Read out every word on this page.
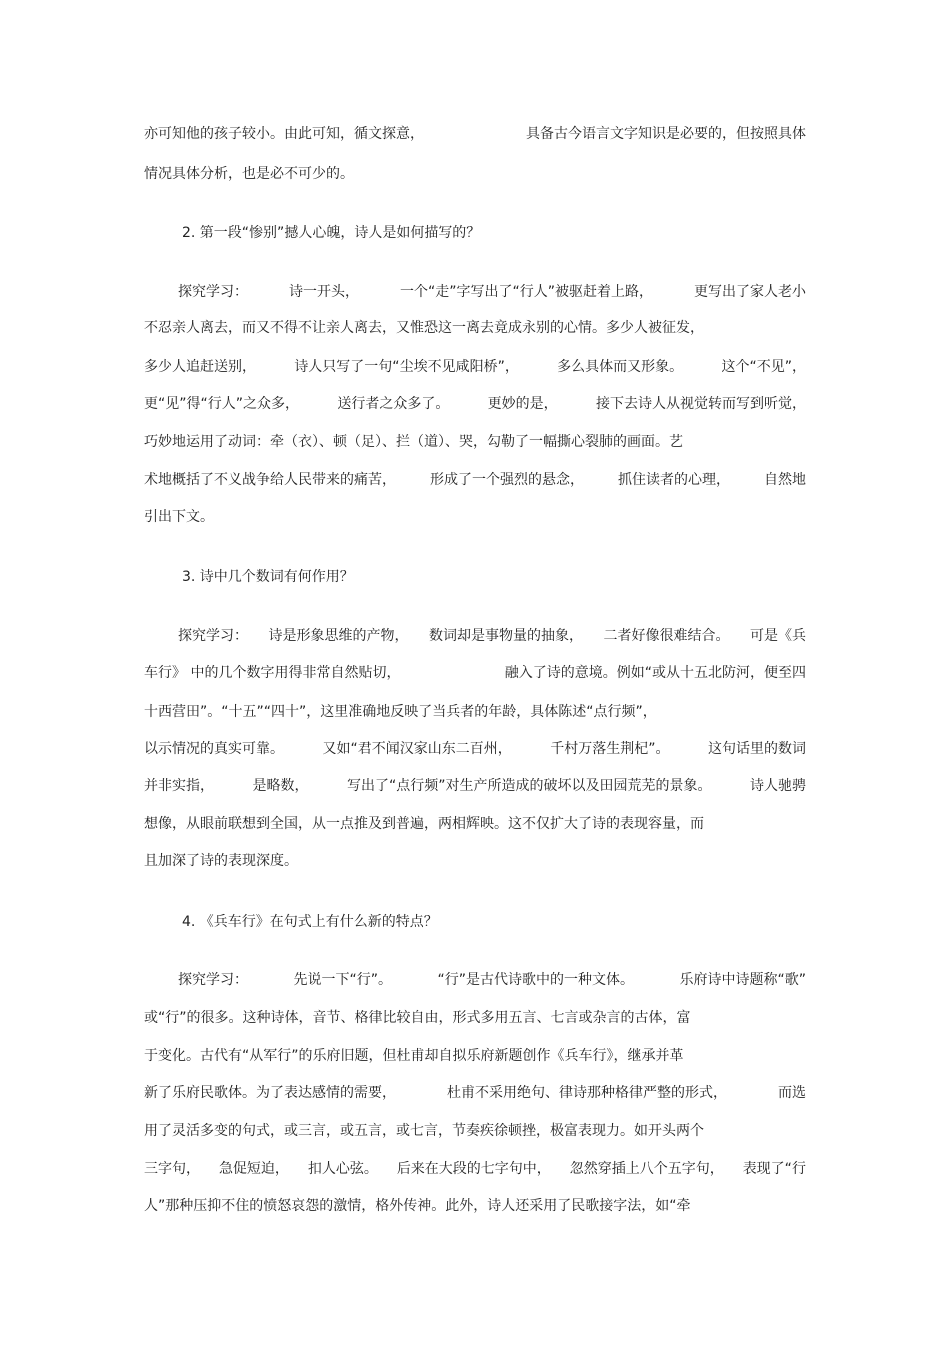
亦可知他的孩子较小。由此可知，循文探意，	具备古今语言文字知识是必要的，但按照具体
情况具体分析，也是必不可少的。
2. 第一段“惨别”撼人心魄，诗人是如何描写的？
探究学习：	诗一开头，	一个“走”字写出了“行人”被驱赶着上路，	更写出了家人老小
不忍亲人离去，而又不得不让亲人离去，又惟恐这一离去竟成永别的心情。多少人被征发，
多少人追赶送别，	诗人只写了一句“尘埃不见咸阳桥”，	多么具体而又形象。	这个“不见”，
更“见”得“行人”之众多，	送行者之众多了。	更妙的是，	接下去诗人从视觉转而写到听觉，
巧妙地运用了动词：牵（衣）、顿（足）、拦（道）、哭，勾勒了一幅撕心裂肺的画面。艺
术地概括了不义战争给人民带来的痛苦， 形成了一个强烈的悬念， 抓住读者的心理， 自然地
引出下文。
3. 诗中几个数词有何作用？
探究学习： 诗是形象思维的产物， 数词却是事物量的抽象， 二者好像很难结合。 可是《兵
车行》 中的几个数字用得非常自然贴切，	融入了诗的意境。例如“或从十五北防河，便至四
十西营田”。“十五”“四十”，这里准确地反映了当兵者的年龄，具体陈述“点行频”，
以示情况的真实可靠。	又如“君不闻汉家山东二百州，	千村万落生荆杞”。	这句话里的数词
并非实指，	是略数，	写出了“点行频”对生产所造成的破坏以及田园荒芜的景象。	诗人驰骋
想像，从眼前联想到全国，从一点推及到普遍，两相辉映。这不仅扩大了诗的表现容量，而
且加深了诗的表现深度。
4. 《兵车行》在句式上有什么新的特点？
探究学习：	先说一下“行”。	“行”是古代诗歌中的一种文体。	乐府诗中诗题称“歌”
或“行”的很多。这种诗体，音节、格律比较自由，形式多用五言、七言或杂言的古体，富
于变化。古代有“从军行”的乐府旧题，但杜甫却自拟乐府新题创作《兵车行》，继承并革
新了乐府民歌体。为了表达感情的需要，	杜甫不采用绝句、律诗那种格律严整的形式，	而选
用了灵活多变的句式，或三言，或五言，或七言，节奏疾徐顿挫，极富表现力。如开头两个
三字句， 急促短迫， 扣人心弦。 后来在大段的七字句中， 忽然穿插上八个五字句， 表现了“行
人”那种压抑不住的愤怒哀怨的激情，格外传神。 此外， 诗人还采用了民歌接字法，如“牵
